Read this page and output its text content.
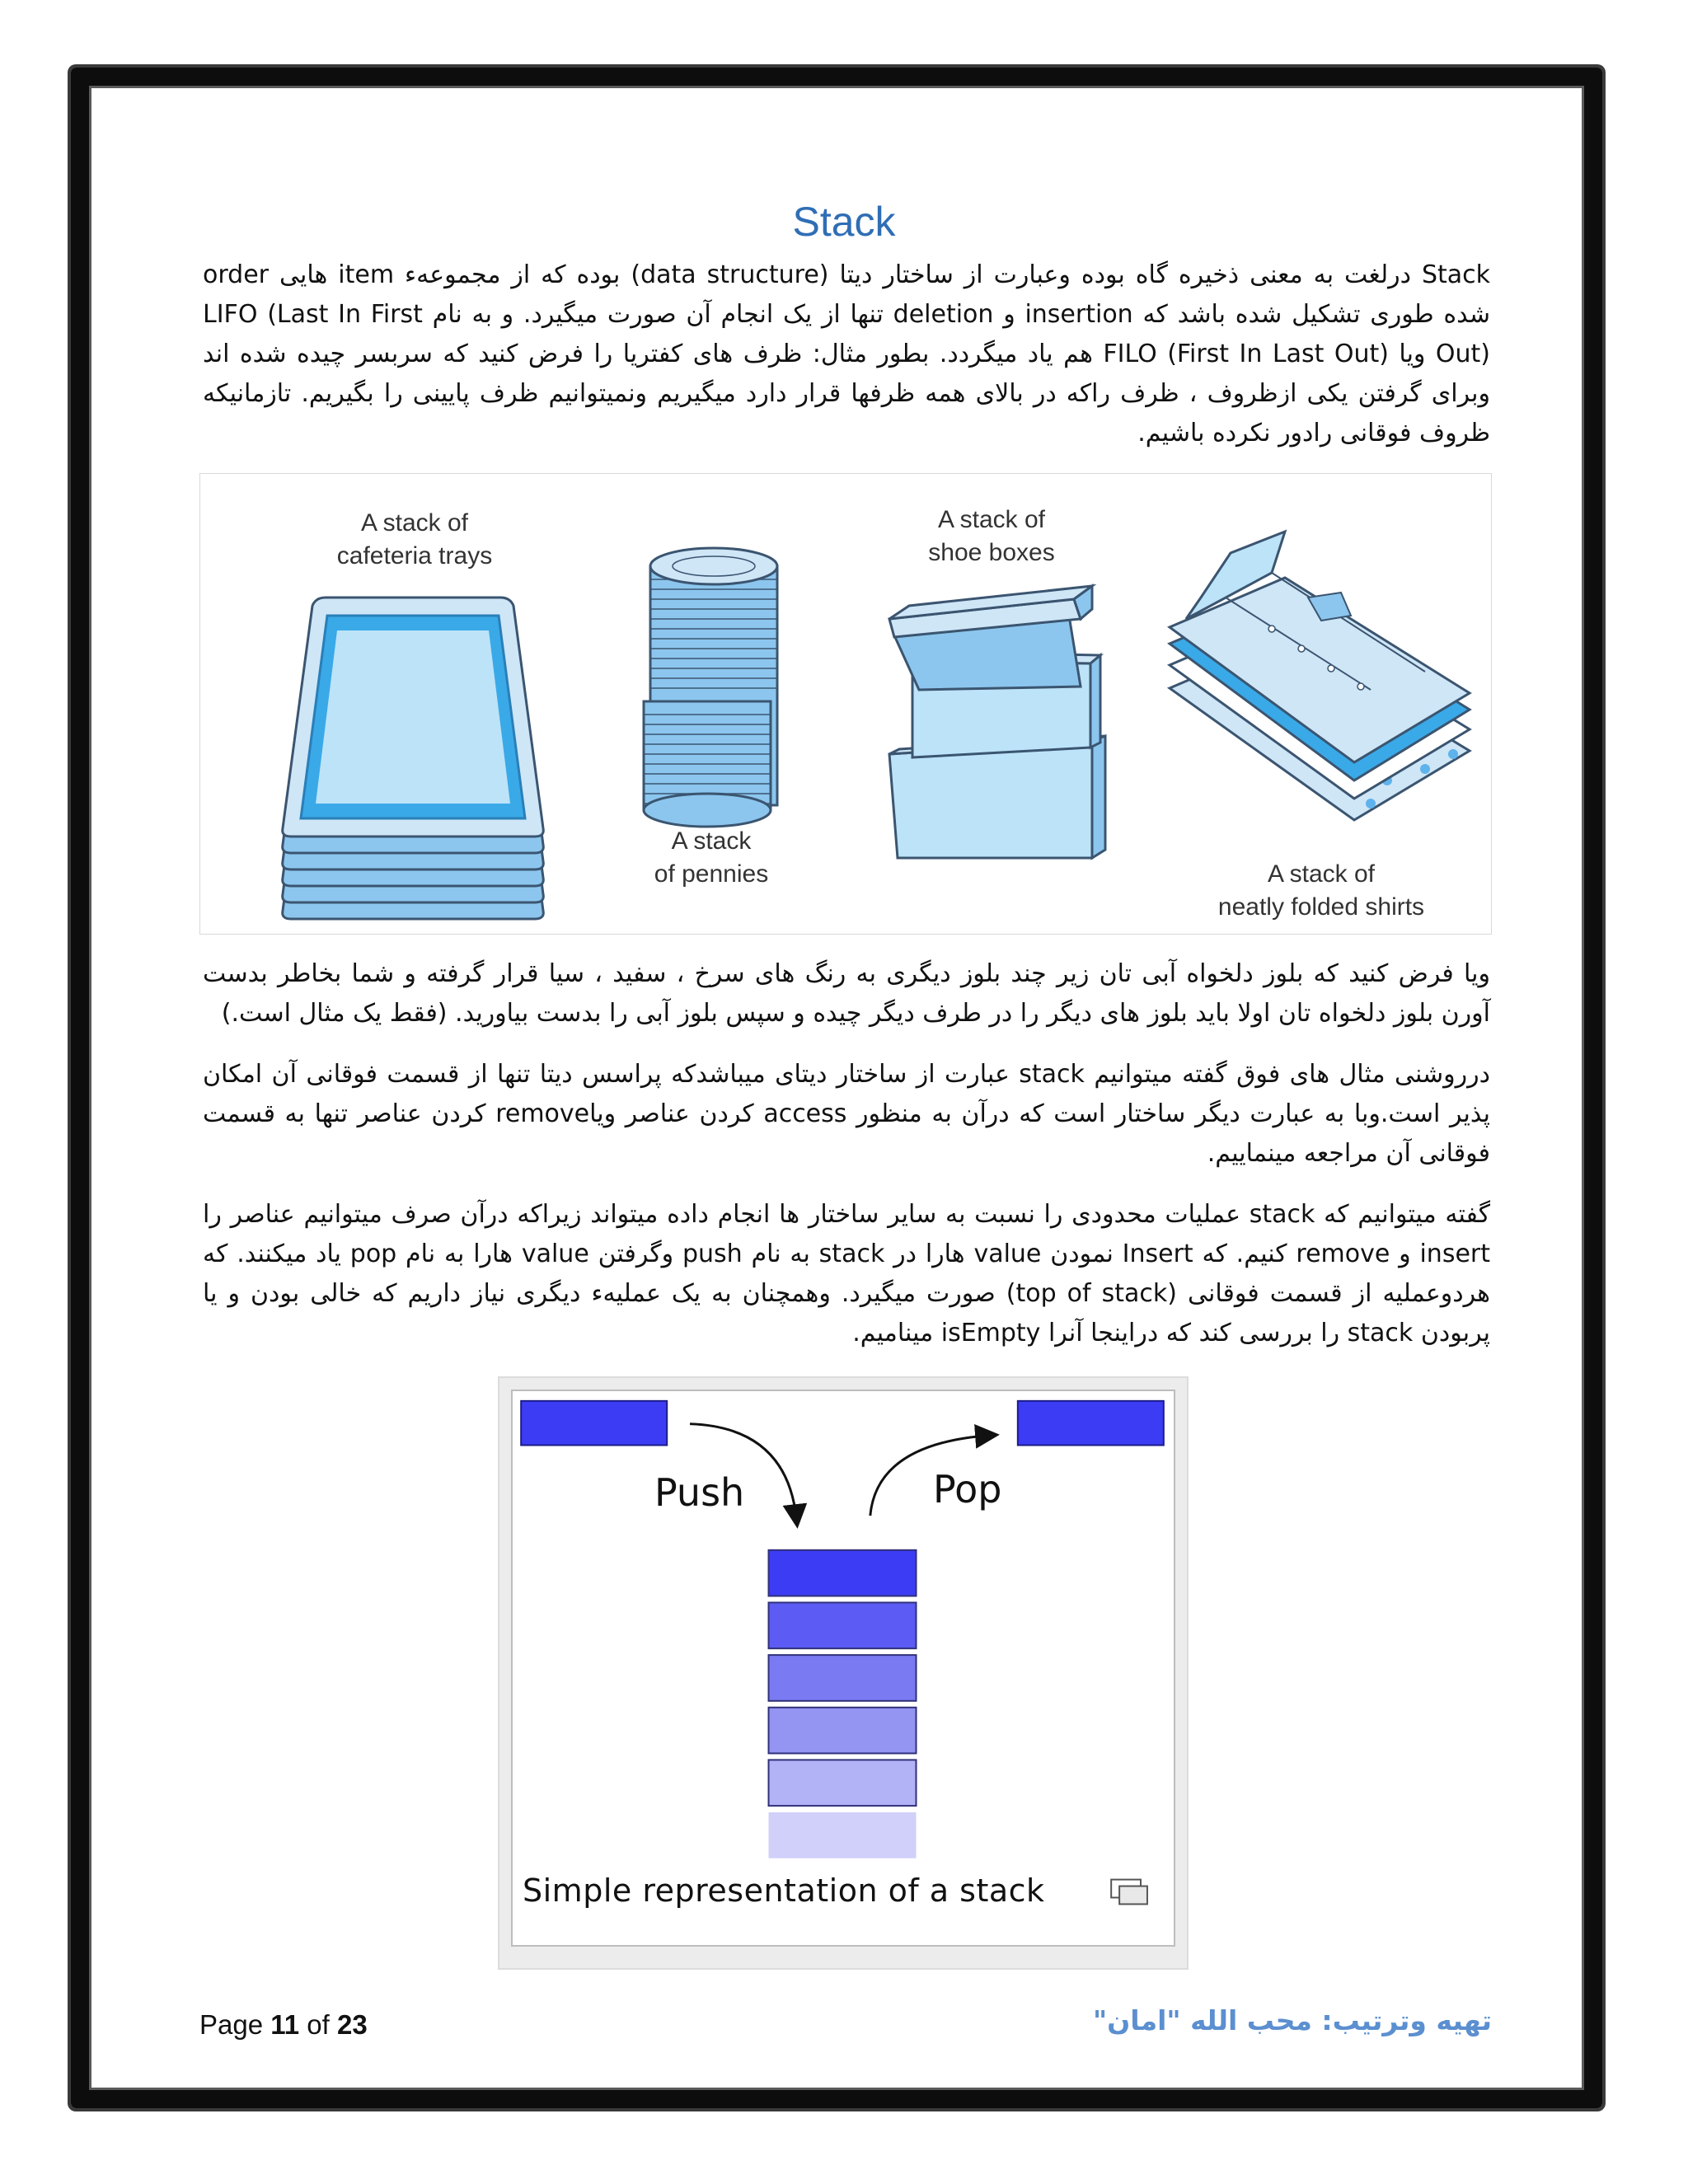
Stack

Stack درلغت به معنی ذخیره گاه بوده وعبارت از ساختار دیتا (data structure) بوده که از مجموعهء item هایی order شده طوری تشکیل شده باشد که insertion و deletion تنها از یک انجام آن صورت میگیرد. و به نام LIFO (Last In First Out) ویا FILO (First In Last Out) هم یاد میگردد. بطور مثال: ظرف های کفتریا را فرض کنید که سربسر چیده شده اند وبرای گرفتن یکی ازظروف ، ظرف راکه در بالای همه ظرفها قرار دارد میگیریم ونمیتوانیم ظرف پایینی را بگیریم. تازمانیکه ظروف فوقانی رادور نکرده باشیم.

A stack of
cafeteria trays

A stack
of pennies

A stack of
shoe boxes

A stack of
neatly folded shirts

ویا فرض کنید که بلوز دلخواه آبی تان زیر چند بلوز دیگری به رنگ های سرخ ، سفید ، سیا قرار گرفته و شما بخاطر بدست آورن بلوز دلخواه تان اولا باید بلوز های دیگر را در طرف دیگر چیده و سپس بلوز آبی را بدست بیاورید. (فقط یک مثال است.)

درروشنی مثال های فوق گفته میتوانیم stack عبارت از ساختار دیتای میباشدکه پراسس دیتا تنها از قسمت فوقانی آن امکان پذیر است.وبا به عبارت دیگر ساختار است که درآن به منظور access کردن عناصر ویاremove کردن عناصر تنها به قسمت فوقانی آن مراجعه مینماییم.

گفته میتوانیم که stack عملیات محدودی را نسبت به سایر ساختار ها انجام داده میتواند زیراکه درآن صرف میتوانیم عناصر را insert و remove کنیم. که Insert نمودن value هارا در stack به نام push وگرفتن value هارا به نام pop یاد میکنند. که هردوعملیه از قسمت فوقانی (top of stack) صورت میگیرد. وهمچنان به یک عملیهء دیگری نیاز داریم که خالی بودن و یا پربودن stack را بررسی کند که دراینجا آنرا isEmpty مینامیم.

Push	Pop

Simple representation of a stack

Page 11 of 23	تهیه وترتیب: محب الله "امان"
